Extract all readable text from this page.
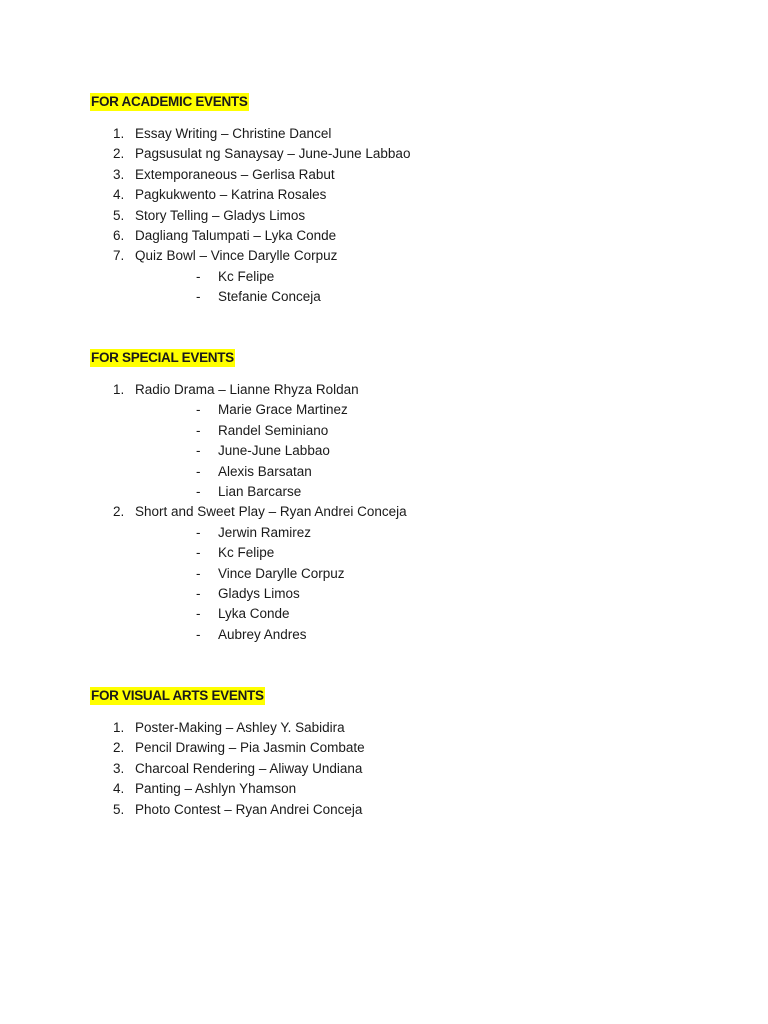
FOR ACADEMIC EVENTS
1. Essay Writing – Christine Dancel
2. Pagsusulat ng Sanaysay – June-June Labbao
3. Extemporaneous – Gerlisa Rabut
4. Pagkukwento – Katrina Rosales
5. Story Telling – Gladys Limos
6. Dagliang Talumpati – Lyka Conde
7. Quiz Bowl – Vince Darylle Corpuz
- Kc Felipe
- Stefanie Conceja
FOR SPECIAL EVENTS
1. Radio Drama – Lianne Rhyza Roldan
- Marie Grace Martinez
- Randel Seminiano
- June-June Labbao
- Alexis Barsatan
- Lian Barcarse
2. Short and Sweet Play – Ryan Andrei Conceja
- Jerwin Ramirez
- Kc Felipe
- Vince Darylle Corpuz
- Gladys Limos
- Lyka Conde
- Aubrey Andres
FOR VISUAL ARTS EVENTS
1. Poster-Making – Ashley Y. Sabidira
2. Pencil Drawing – Pia Jasmin Combate
3. Charcoal Rendering – Aliway Undiana
4. Panting – Ashlyn Yhamson
5. Photo Contest – Ryan Andrei Conceja
